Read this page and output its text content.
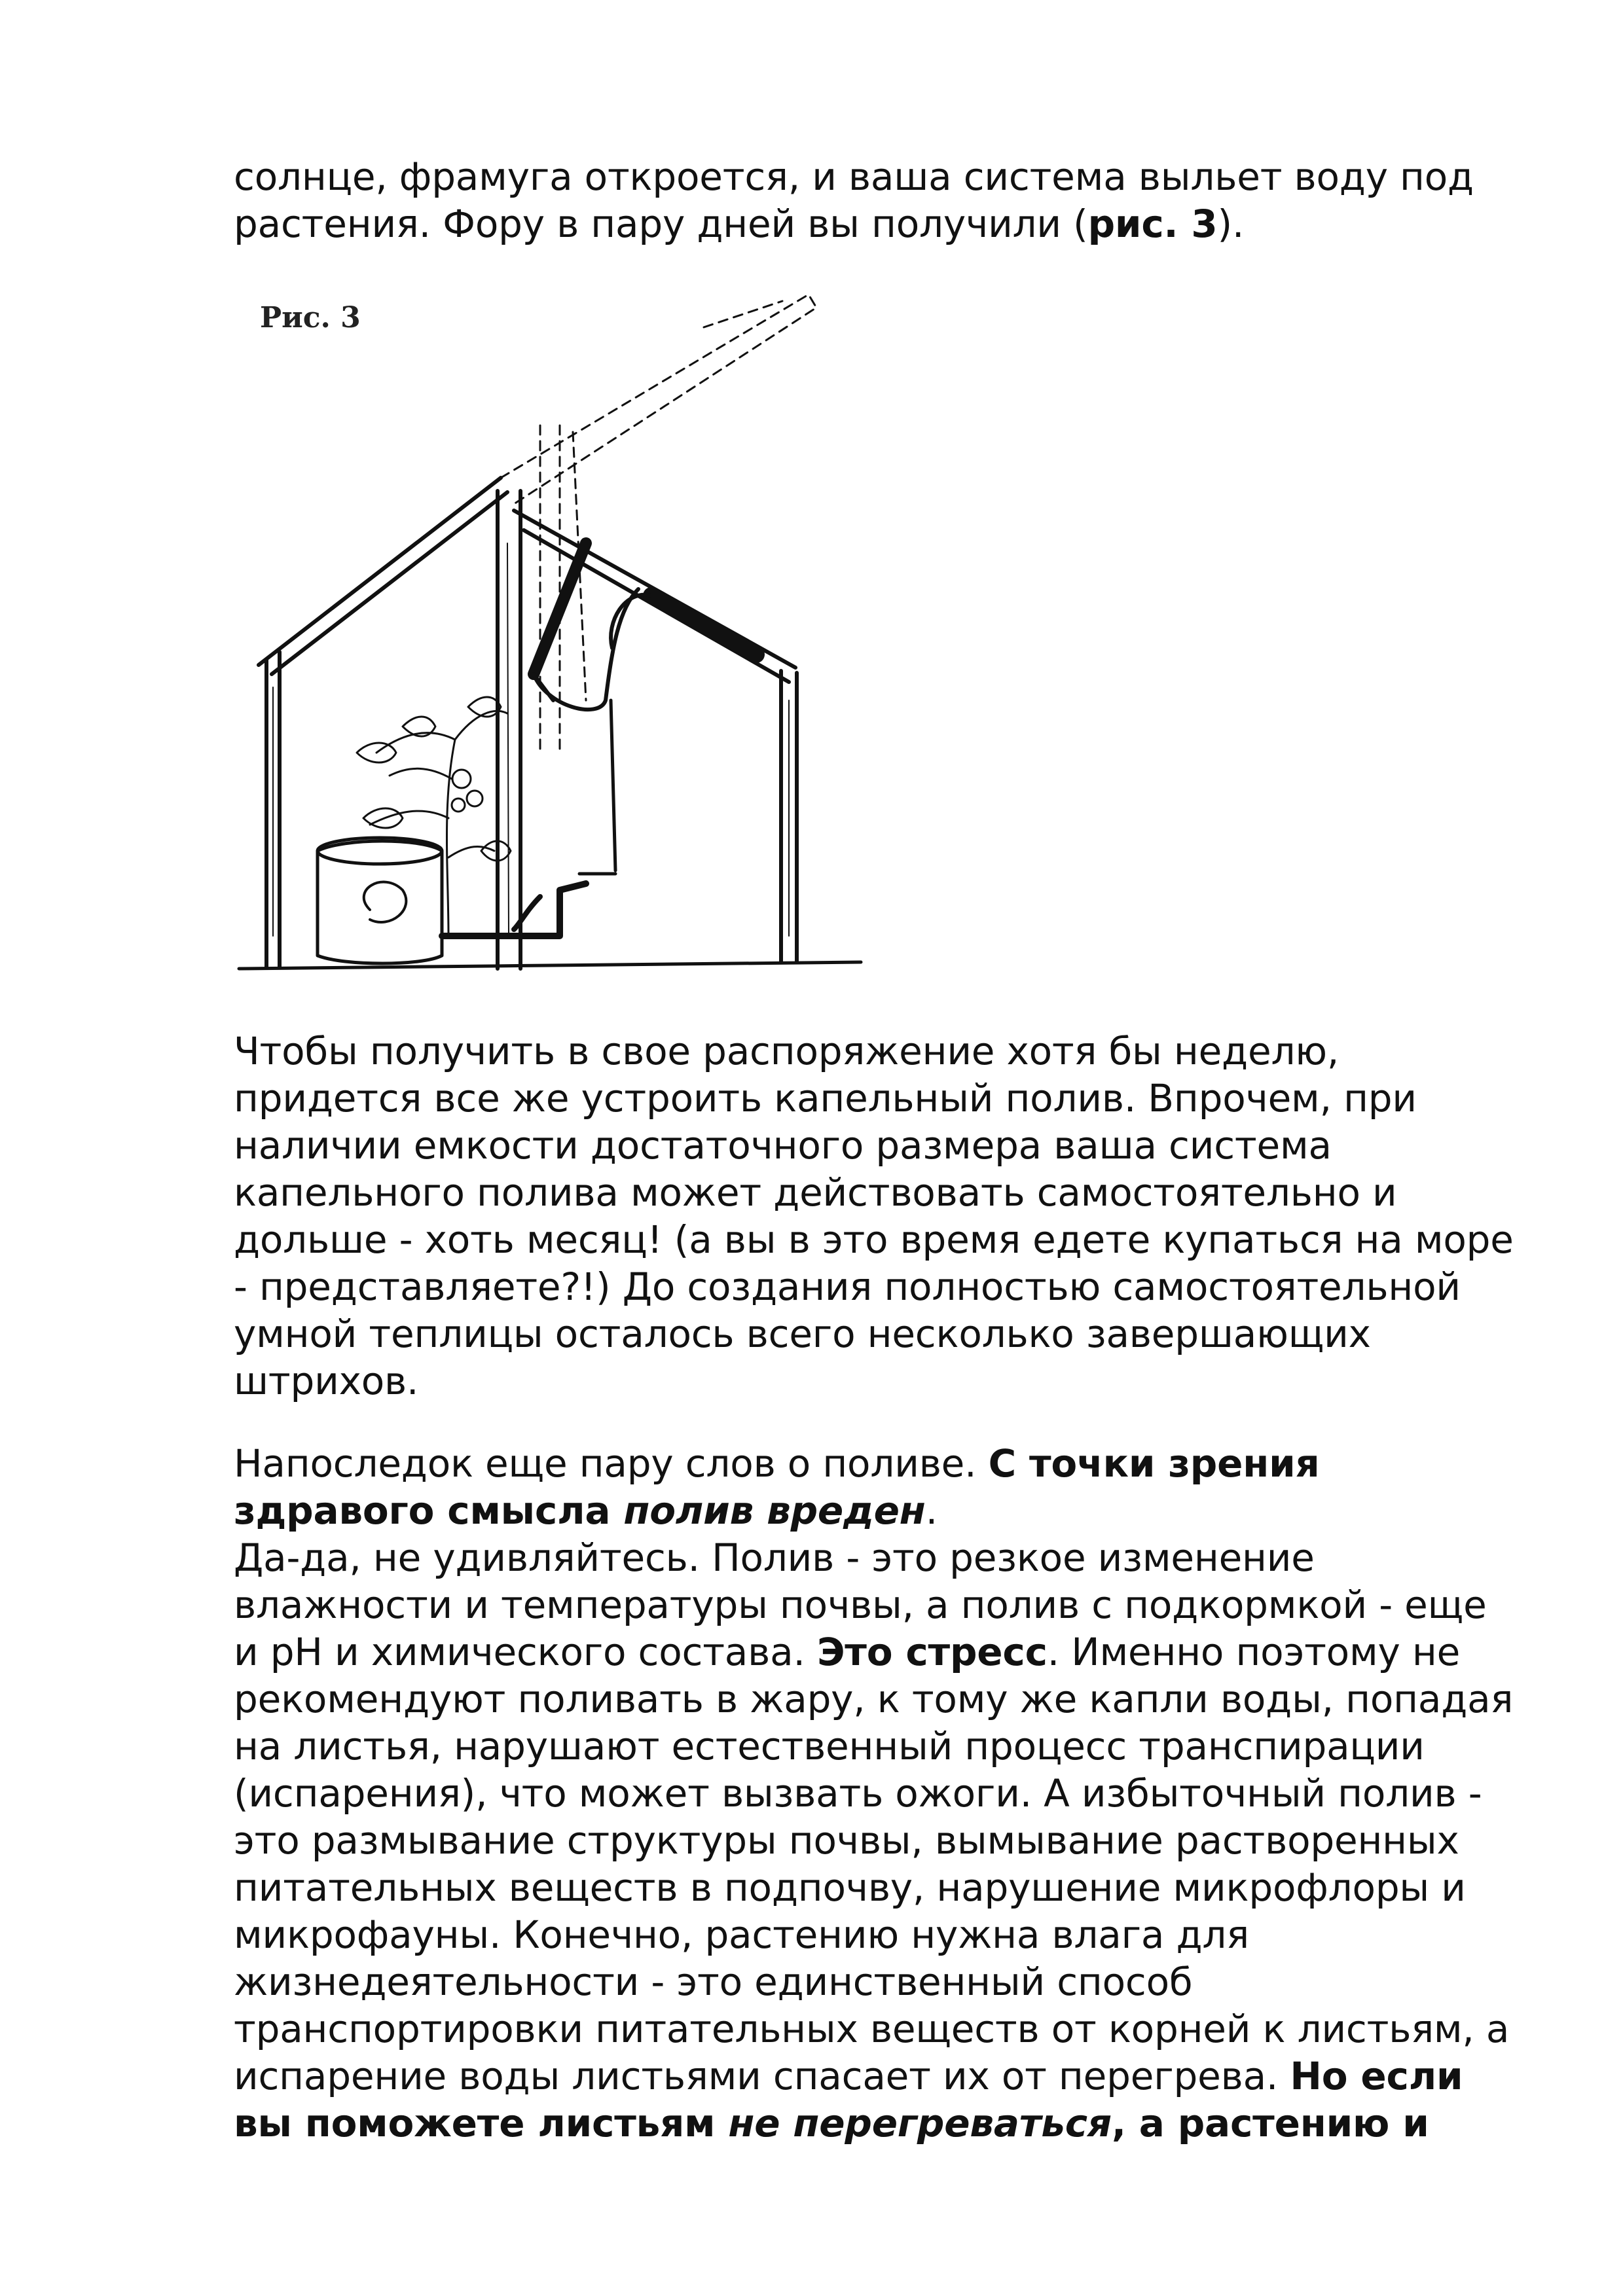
солнце, фрамуга откроется, и ваша система выльет воду под

растения. Фору в пару дней вы получили (рис. 3).

Рис. 3

Чтобы получить в свое распоряжение хотя бы неделю,

придется все же устроить капельный полив. Впрочем, при

наличии емкости достаточного размера ваша система

капельного полива может действовать самостоятельно и

дольше - хоть месяц! (а вы в это время едете купаться на море

- представляете?!) До создания полностью самостоятельной

умной теплицы осталось всего несколько завершающих

штрихов.

Напоследок еще пару слов о поливе. С точки зрения

здравого смысла полив вреден.

Да-да, не удивляйтесь. Полив - это резкое изменение

влажности и температуры почвы, а полив с подкормкой - еще

и pH и химического состава. Это стресс. Именно поэтому не

рекомендуют поливать в жару, к тому же капли воды, попадая

на листья, нарушают естественный процесс транспирации

(испарения), что может вызвать ожоги. А избыточный полив -

это размывание структуры почвы, вымывание растворенных

питательных веществ в подпочву, нарушение микрофлоры и

микрофауны. Конечно, растению нужна влага для

жизнедеятельности - это единственный способ

транспортировки питательных веществ от корней к листьям, а

испарение воды листьями спасает их от перегрева. Но если

вы поможете листьям не перегреваться, а растению и
